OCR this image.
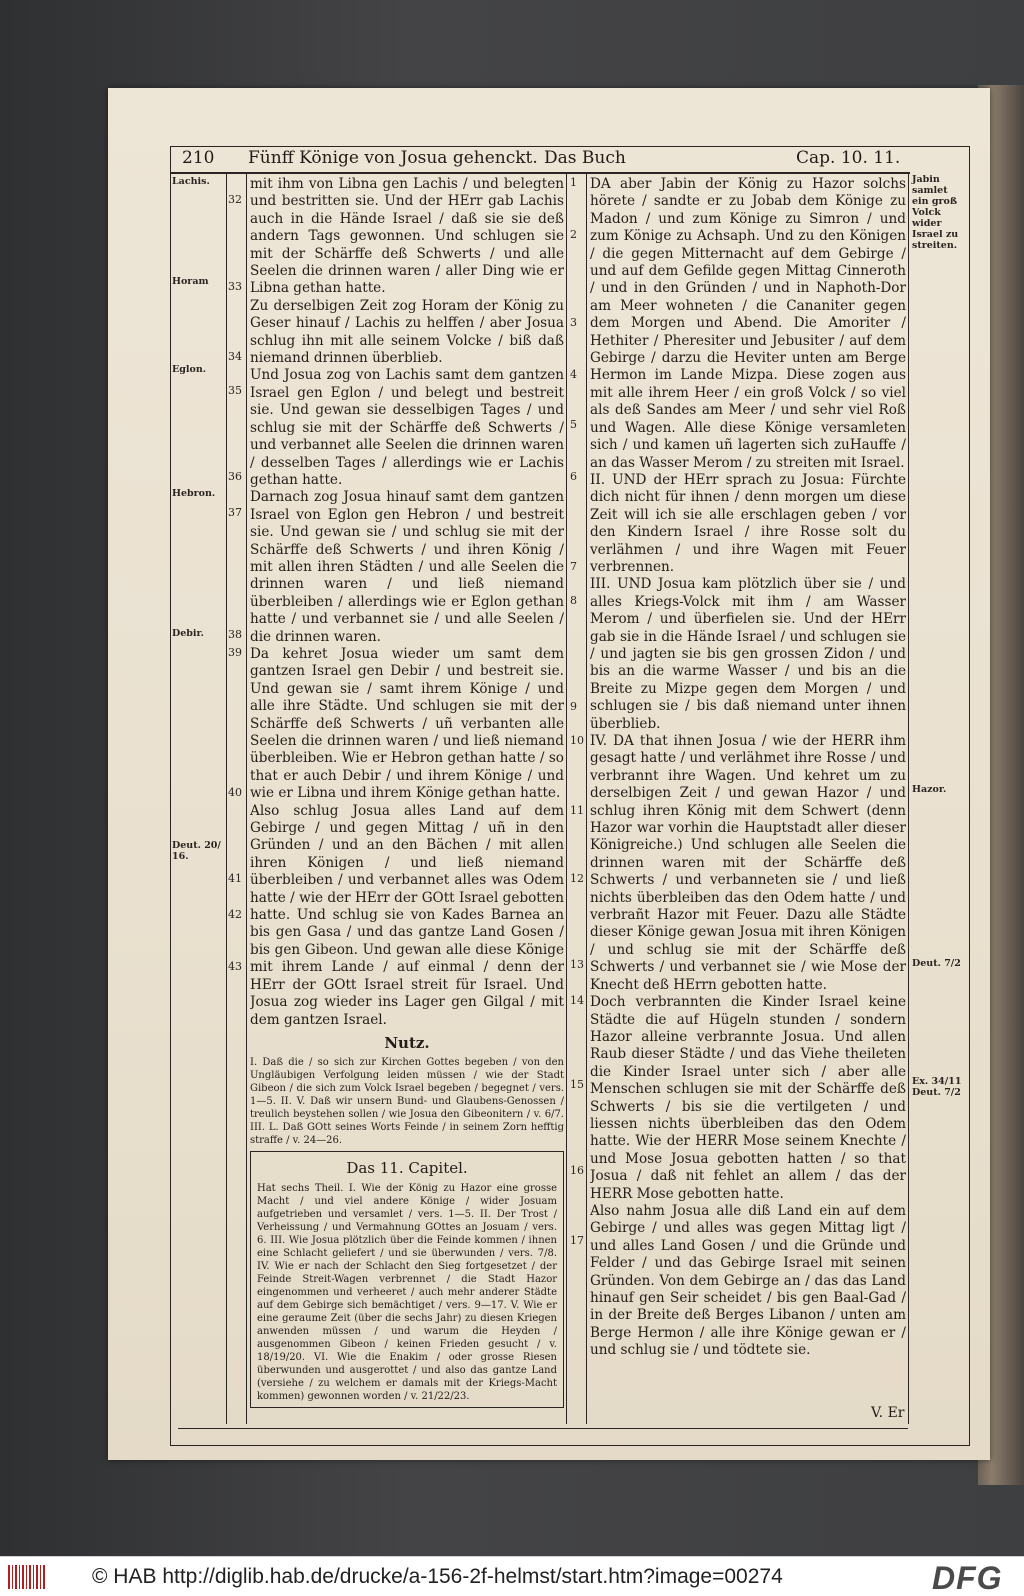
210 Fünff Könige von Josua gehenckt. Das Buch	Cap. 10. 11.
Lachis.
Horam
Eglon.
Hebron.
Debir.
Deut. 20/ 16.
32
33
34
35
36
37
38
39
40
41
42
43

mit ihm von Libna gen Lachis / und belegten und bestritten sie. Und der HErr gab Lachis auch in die Hände Israel / daß sie sie deß andern Tags gewonnen. Und schlugen sie mit der Schärffe deß Schwerts / und alle Seelen die drinnen waren / aller Ding wie er Libna gethan hatte.

Zu derselbigen Zeit zog Horam der König zu Geser hinauf / Lachis zu helffen / aber Josua schlug ihn mit alle seinem Volcke / biß daß niemand drinnen überblieb.

Und Josua zog von Lachis samt dem gantzen Israel gen Eglon / und belegt und bestreit sie. Und gewan sie desselbigen Tages / und schlug sie mit der Schärffe deß Schwerts / und verbannet alle Seelen die drinnen waren / desselben Tages / allerdings wie er Lachis gethan hatte.

Darnach zog Josua hinauf samt dem gantzen Israel von Eglon gen Hebron / und bestreit sie. Und gewan sie / und schlug sie mit der Schärffe deß Schwerts / und ihren König / mit allen ihren Städten / und alle Seelen die drinnen waren / und ließ niemand überbleiben / allerdings wie er Eglon gethan hatte / und verbannet sie / und alle Seelen / die drinnen waren.

Da kehret Josua wieder um samt dem gantzen Israel gen Debir / und bestreit sie. Und gewan sie / samt ihrem Könige / und alle ihre Städte. Und schlugen sie mit der Schärffe deß Schwerts / uñ verbanten alle Seelen die drinnen waren / und ließ niemand überbleiben. Wie er Hebron gethan hatte / so that er auch Debir / und ihrem Könige / und wie er Libna und ihrem Könige gethan hatte.

Also schlug Josua alles Land auf dem Gebirge / und gegen Mittag / uñ in den Gründen / und an den Bächen / mit allen ihren Königen / und ließ niemand überbleiben / und verbannet alles was Odem hatte / wie der HErr der GOtt Israel gebotten hatte. Und schlug sie von Kades Barnea an bis gen Gasa / und das gantze Land Gosen / bis gen Gibeon. Und gewan alle diese Könige mit ihrem Lande / auf einmal / denn der HErr der GOtt Israel streit für Israel. Und Josua zog wieder ins Lager gen Gilgal / mit dem gantzen Israel.

Nutz.

I. Daß die / so sich zur Kirchen Gottes begeben / von den Ungläubigen Verfolgung leiden müssen / wie der Stadt Gibeon / die sich zum Volck Israel begeben / begegnet / vers. 1—5. II. V. Daß wir unsern Bund- und Glaubens-Genossen / treulich beystehen sollen / wie Josua den Gibeonitern / v. 6/7. III. L. Daß GOtt seines Worts Feinde / in seinem Zorn hefftig straffe / v. 24—26.

Das 11. Capitel.

Hat sechs Theil. I. Wie der König zu Hazor eine grosse Macht / und viel andere Könige / wider Josuam aufgetrieben und versamlet / vers. 1—5. II. Der Trost / Verheissung / und Vermahnung GOttes an Josuam / vers. 6. III. Wie Josua plötzlich über die Feinde kommen / ihnen eine Schlacht geliefert / und sie überwunden / vers. 7/8. IV. Wie er nach der Schlacht den Sieg fortgesetzet / der Feinde Streit-Wagen verbrennet / die Stadt Hazor eingenommen und verheeret / auch mehr anderer Städte auf dem Gebirge sich bemächtiget / vers. 9—17. V. Wie er eine geraume Zeit (über die sechs Jahr) zu diesen Kriegen anwenden müssen / und warum die Heyden / ausgenommen Gibeon / keinen Frieden gesucht / v. 18/19/20. VI. Wie die Enakim / oder grosse Riesen überwunden und ausgerottet / und also das gantze Land (versiehe / zu welchem er damals mit der Kriegs-Macht kommen) gewonnen worden / v. 21/22/23.

1
2
3
4
5
6
7
8
9
10
11
12
13
14
15
16
17

DA aber Jabin der König zu Hazor solchs hörete / sandte er zu Jobab dem Könige zu Madon / und zum Könige zu Simron / und zum Könige zu Achsaph. Und zu den Königen / die gegen Mitternacht auf dem Gebirge / und auf dem Gefilde gegen Mittag Cinneroth / und in den Gründen / und in Naphoth-Dor am Meer wohneten / die Cananiter gegen dem Morgen und Abend. Die Amoriter / Hethiter / Pheresiter und Jebusiter / auf dem Gebirge / darzu die Heviter unten am Berge Hermon im Lande Mizpa. Diese zogen aus mit alle ihrem Heer / ein groß Volck / so viel als deß Sandes am Meer / und sehr viel Roß und Wagen. Alle diese Könige versamleten sich / und kamen uñ lagerten sich zuHauffe / an das Wasser Merom / zu streiten mit Israel.

II. UND der HErr sprach zu Josua: Fürchte dich nicht für ihnen / denn morgen um diese Zeit will ich sie alle erschlagen geben / vor den Kindern Israel / ihre Rosse solt du verlähmen / und ihre Wagen mit Feuer verbrennen.

III. UND Josua kam plötzlich über sie / und alles Kriegs-Volck mit ihm / am Wasser Merom / und überfielen sie. Und der HErr gab sie in die Hände Israel / und schlugen sie / und jagten sie bis gen grossen Zidon / und bis an die warme Wasser / und bis an die Breite zu Mizpe gegen dem Morgen / und schlugen sie / bis daß niemand unter ihnen überblieb.

IV. DA that ihnen Josua / wie der HERR ihm gesagt hatte / und verlähmet ihre Rosse / und verbrannt ihre Wagen. Und kehret um zu derselbigen Zeit / und gewan Hazor / und schlug ihren König mit dem Schwert (denn Hazor war vorhin die Hauptstadt aller dieser Königreiche.) Und schlugen alle Seelen die drinnen waren mit der Schärffe deß Schwerts / und verbanneten sie / und ließ nichts überbleiben das den Odem hatte / und verbrañt Hazor mit Feuer. Dazu alle Städte dieser Könige gewan Josua mit ihren Königen / und schlug sie mit der Schärffe deß Schwerts / und verbannet sie / wie Mose der Knecht deß HErrn gebotten hatte.

Doch verbrannten die Kinder Israel keine Städte die auf Hügeln stunden / sondern Hazor alleine verbrannte Josua. Und allen Raub dieser Städte / und das Viehe theileten die Kinder Israel unter sich / aber alle Menschen schlugen sie mit der Schärffe deß Schwerts / bis sie die vertilgeten / und liessen nichts überbleiben das den Odem hatte. Wie der HERR Mose seinem Knechte / und Mose Josua gebotten hatten / so that Josua / daß nit fehlet an allem / das der HERR Mose gebotten hatte.

Also nahm Josua alle diß Land ein auf dem Gebirge / und alles was gegen Mittag ligt / und alles Land Gosen / und die Gründe und Felder / und das Gebirge Israel mit seinen Gründen. Von dem Gebirge an / das das Land hinauf gen Seir scheidet / bis gen Baal-Gad / in der Breite deß Berges Libanon / unten am Berge Hermon / alle ihre Könige gewan er / und schlug sie / und tödtete sie.

Jabin samlet ein groß Volck wider Israel zu streiten.
Hazor.
Deut. 7/2
Ex. 34/11 Deut. 7/2
V. Er
© HAB http://diglib.hab.de/drucke/a-156-2f-helmst/start.htm?image=00274	DFG
